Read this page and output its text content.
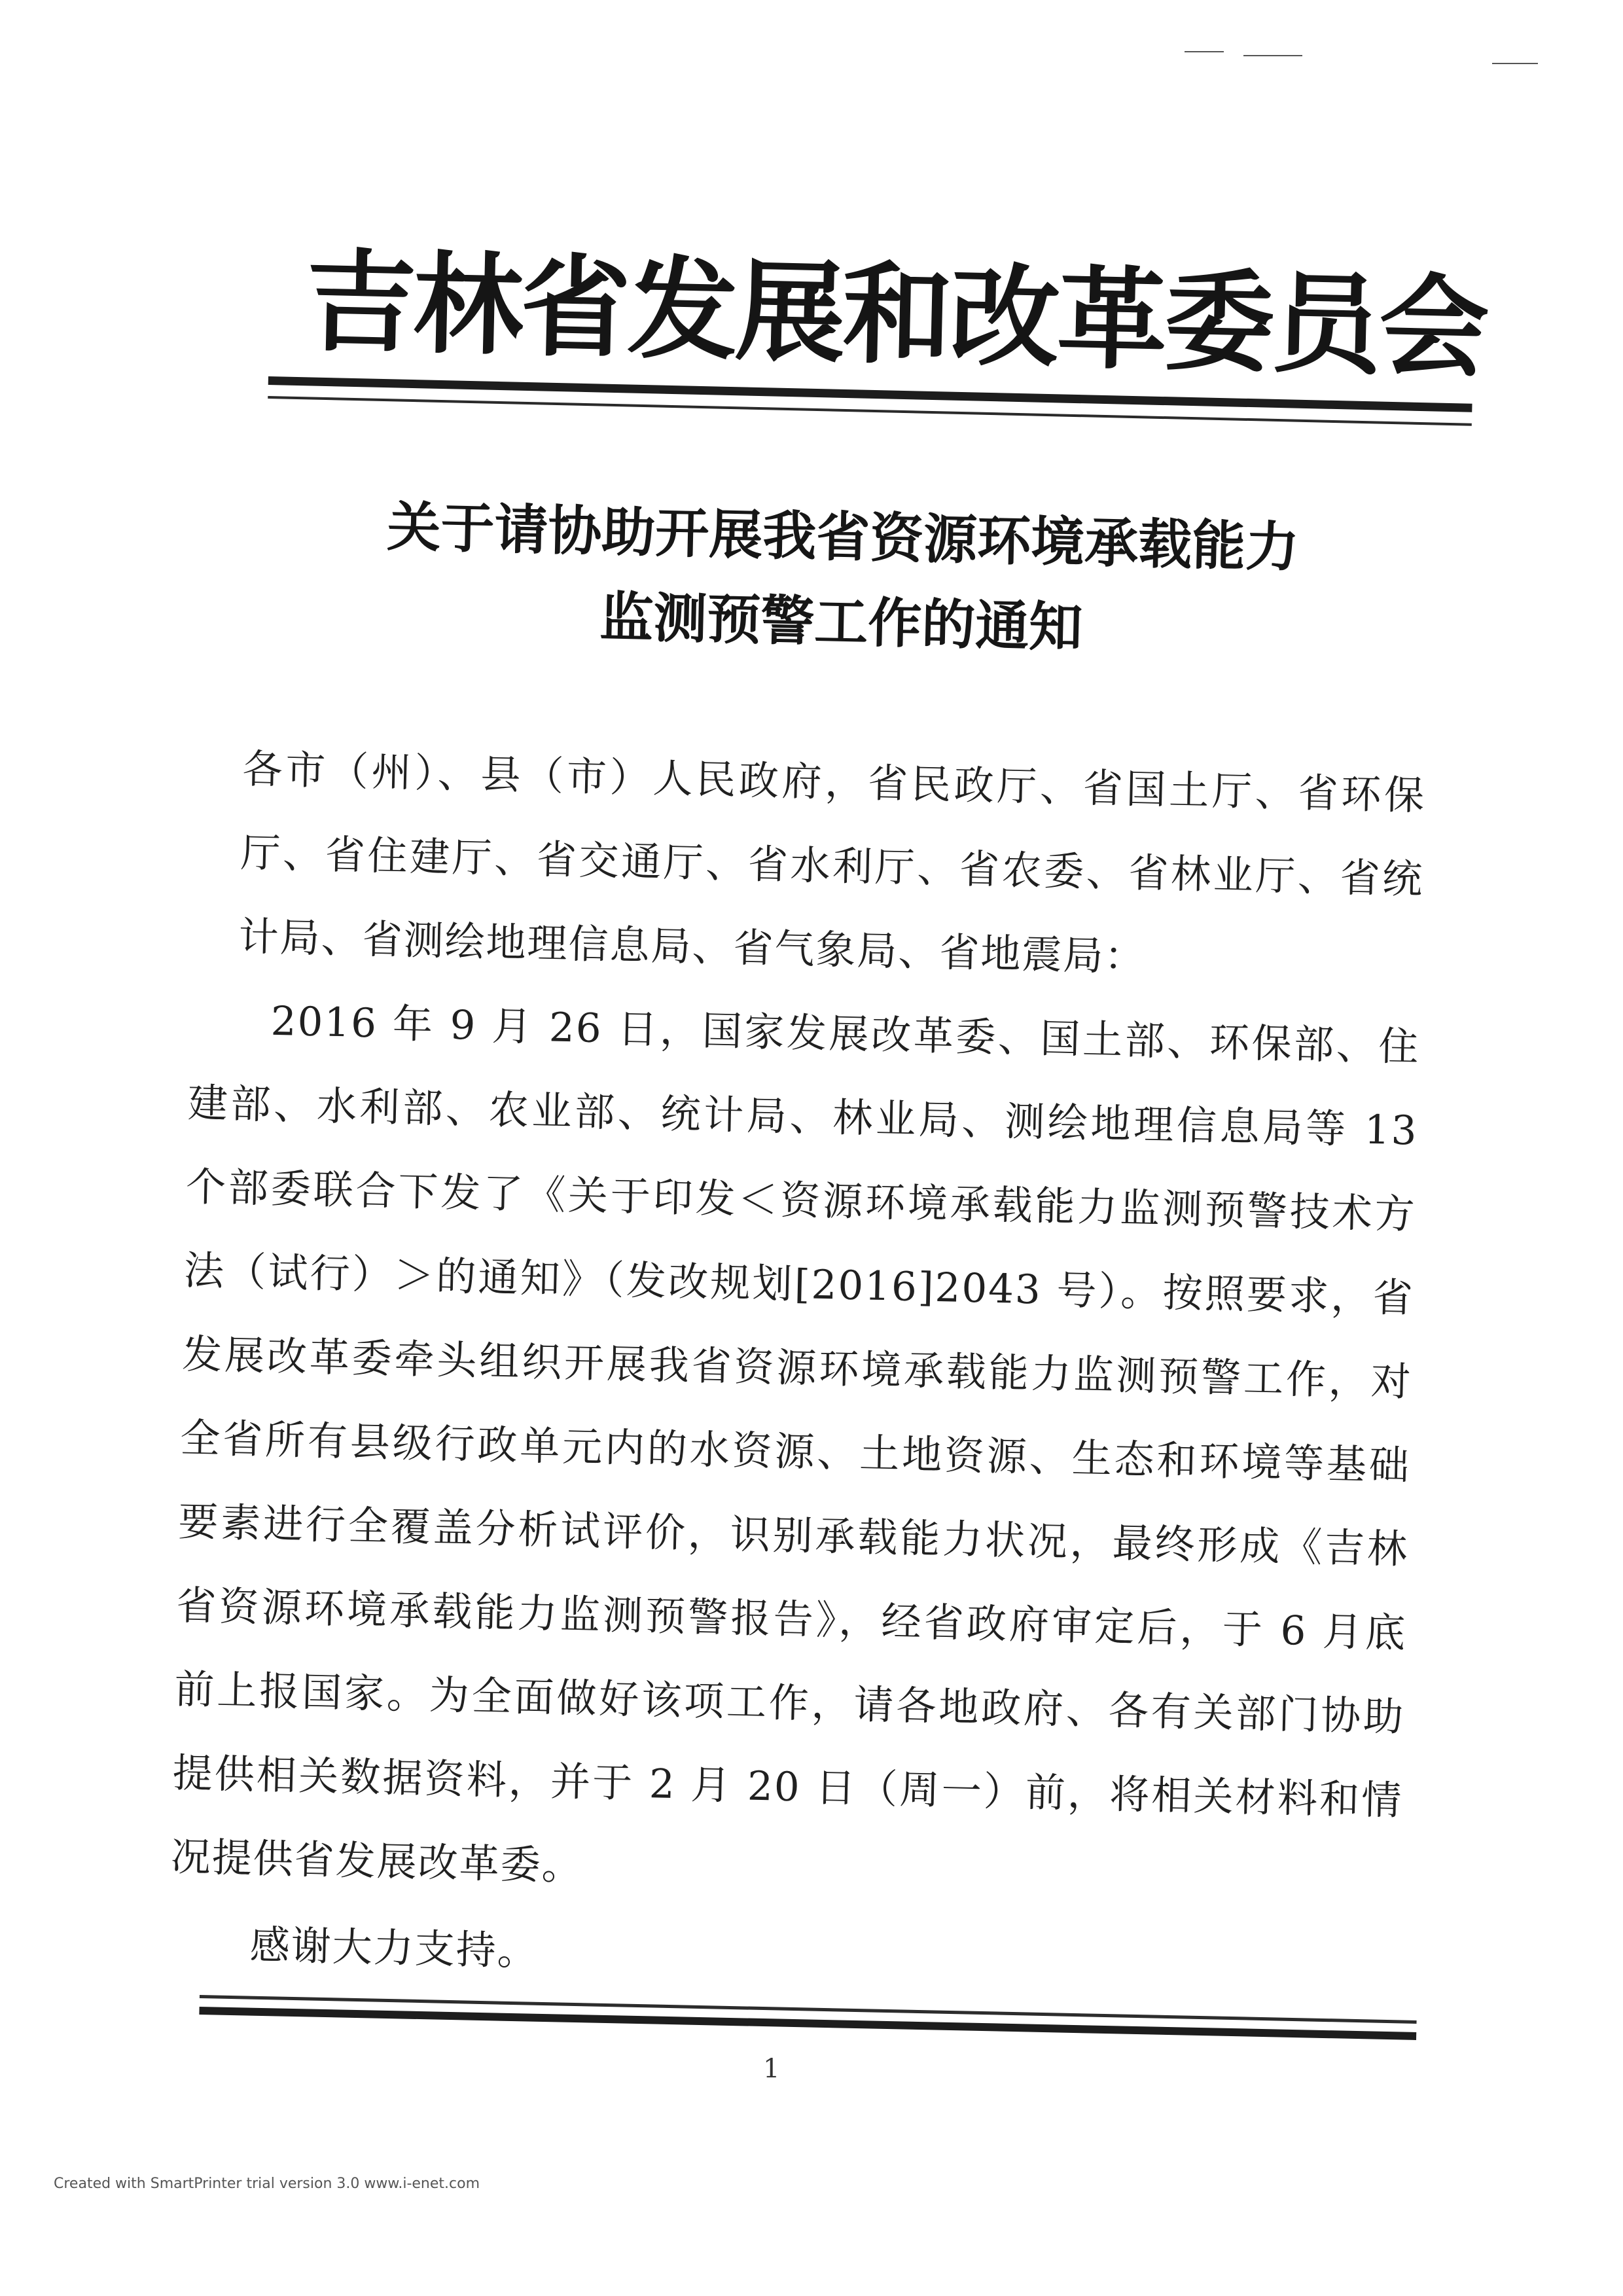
吉林省发展和改革委员会
关于请协助开展我省资源环境承载能力
监测预警工作的通知

各市（州）、县（市）人民政府，省民政厅、省国土厅、省环保厅、省住建厅、省交通厅、省水利厅、省农委、省林业厅、省统计局、省测绘地理信息局、省气象局、省地震局：

2016 年 9 月 26 日，国家发展改革委、国土部、环保部、住建部、水利部、农业部、统计局、林业局、测绘地理信息局等 13 个部委联合下发了《关于印发＜资源环境承载能力监测预警技术方法（试行）＞的通知》（发改规划[2016]2043 号）。按照要求，省发展改革委牵头组织开展我省资源环境承载能力监测预警工作，对全省所有县级行政单元内的水资源、土地资源、生态和环境等基础要素进行全覆盖分析试评价，识别承载能力状况，最终形成《吉林省资源环境承载能力监测预警报告》，经省政府审定后，于 6 月底前上报国家。为全面做好该项工作，请各地政府、各有关部门协助提供相关数据资料，并于 2 月 20 日（周一）前，将相关材料和情况提供省发展改革委。

感谢大力支持。

1
Created with SmartPrinter trial version 3.0 www.i-enet.com
